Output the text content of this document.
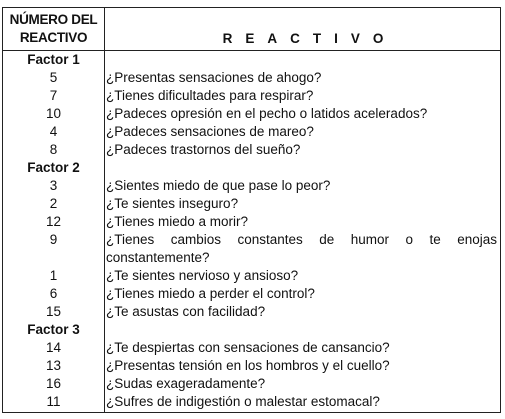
NÚMERO DEL REACTIVO	REACTIVO
Factor 1
5	¿Presentas sensaciones de ahogo?
7	¿Tienes dificultades para respirar?
10	¿Padeces opresión en el pecho o latidos acelerados?
4	¿Padeces sensaciones de mareo?
8	¿Padeces trastornos del sueño?
Factor 2
3	¿Sientes miedo de que pase lo peor?
2	¿Te sientes inseguro?
12	¿Tienes miedo a morir?
9	¿Tienes cambios constantes de humor o te enojas constantemente?
1	¿Te sientes nervioso y ansioso?
6	¿Tienes miedo a perder el control?
15	¿Te asustas con facilidad?
Factor 3
14	¿Te despiertas con sensaciones de cansancio?
13	¿Presentas tensión en los hombros y el cuello?
16	¿Sudas exageradamente?
11	¿Sufres de indigestión o malestar estomacal?
